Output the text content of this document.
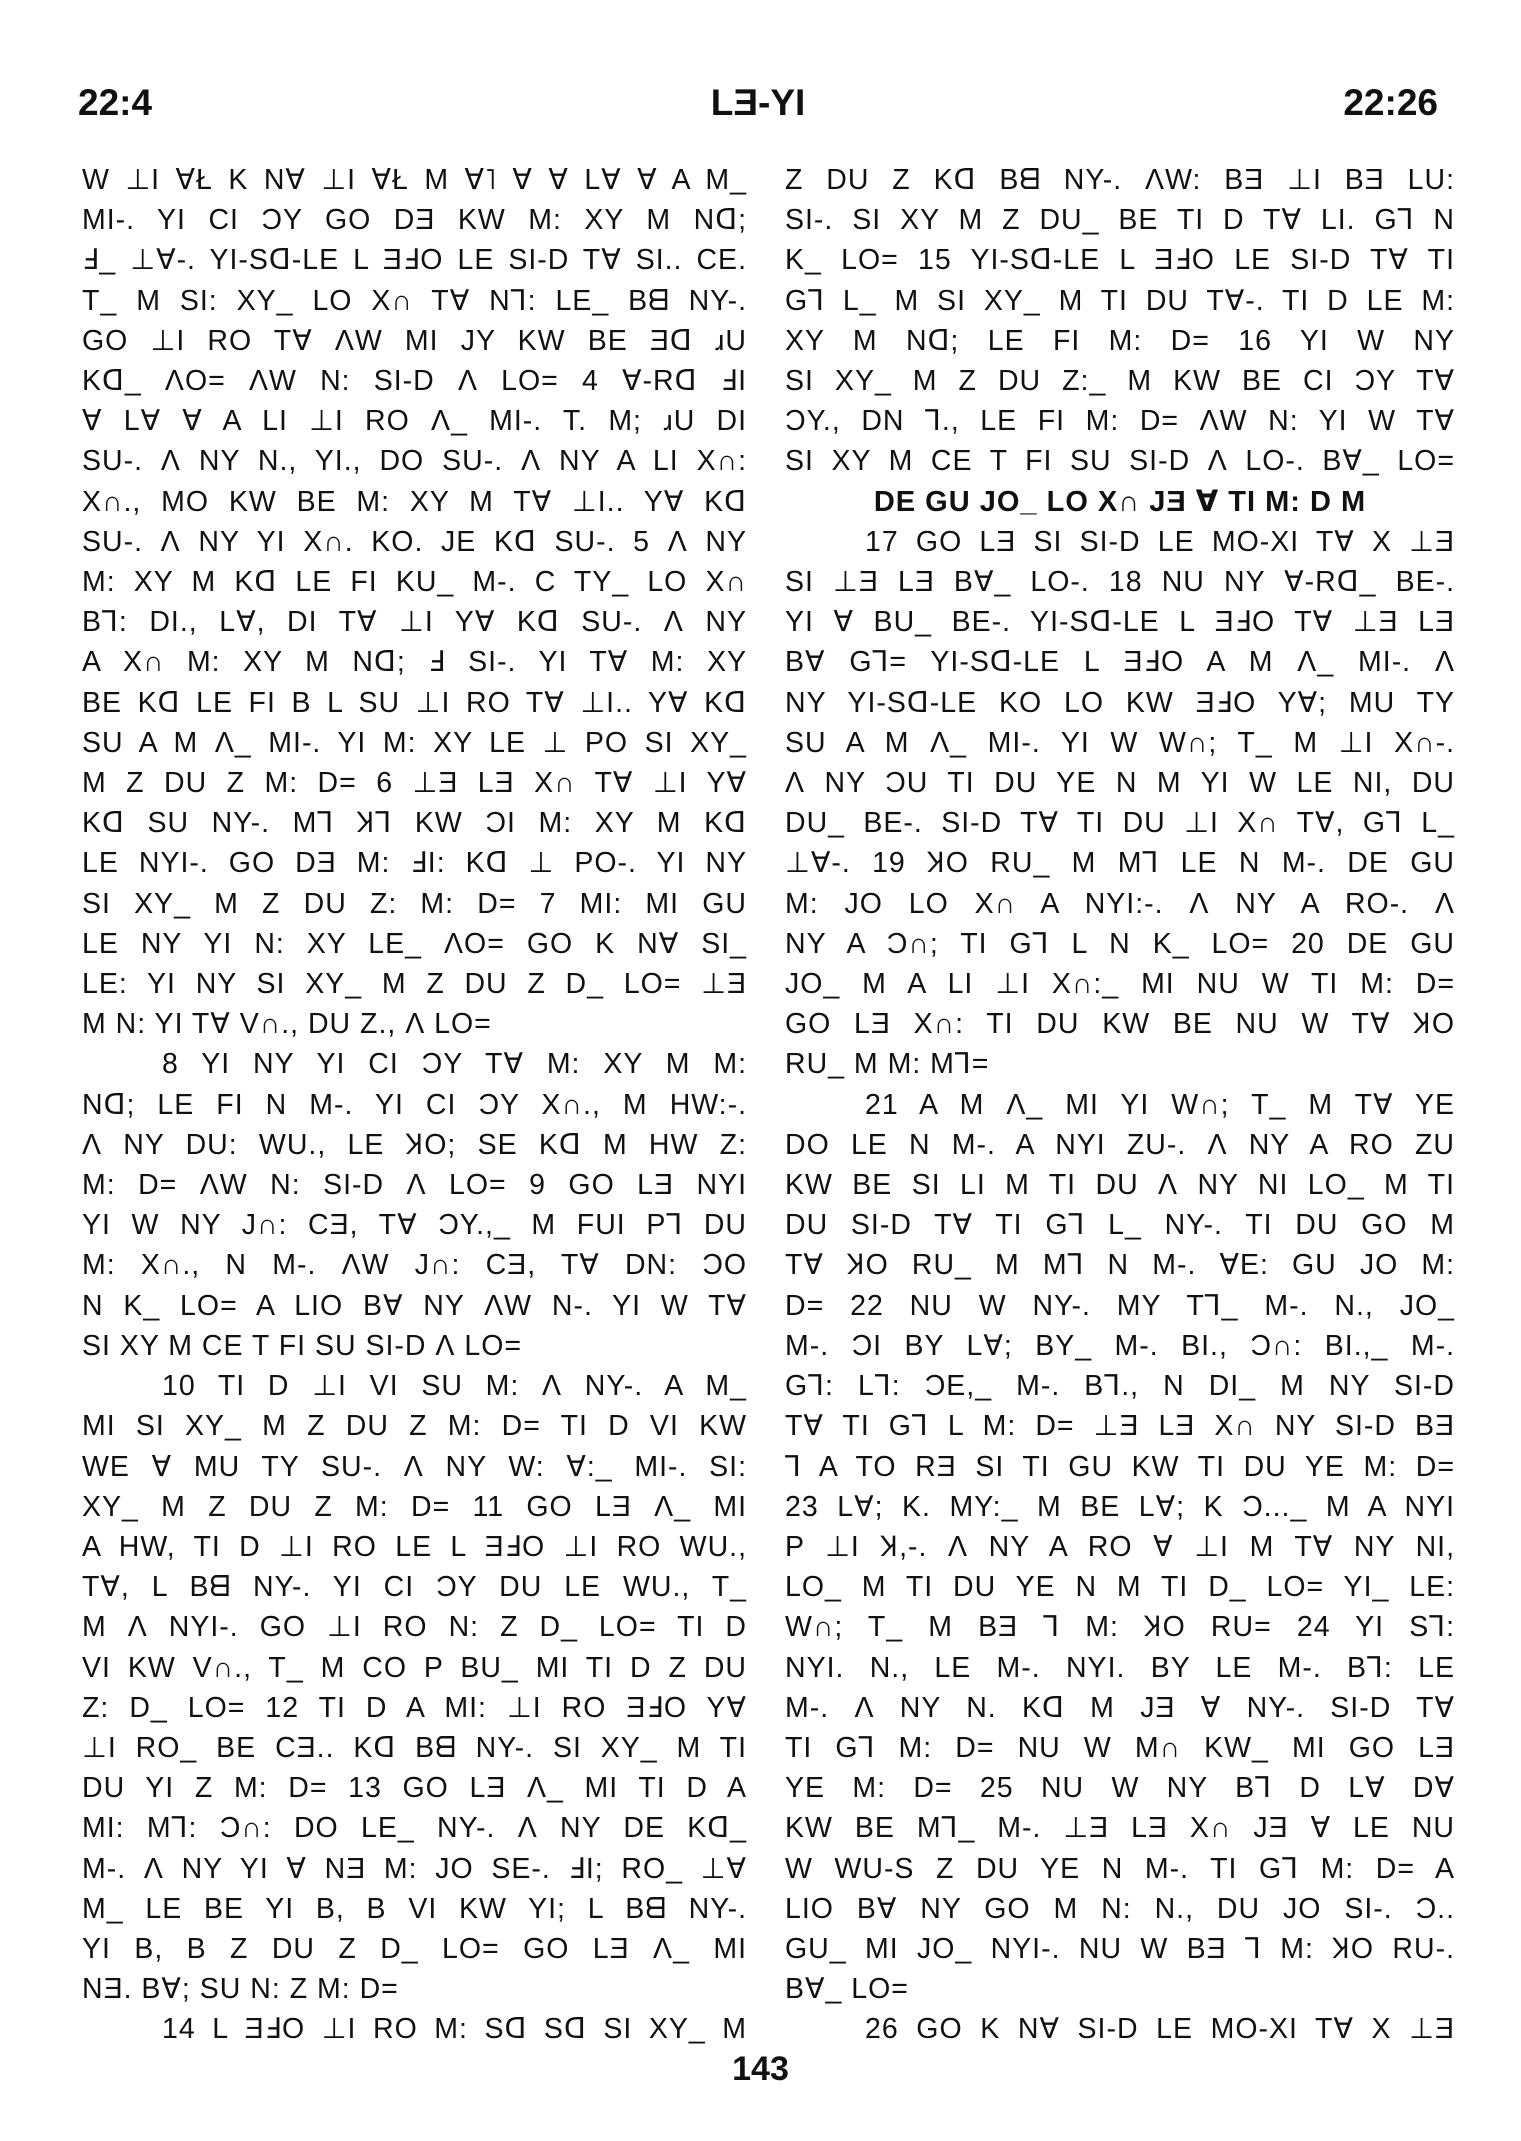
22:4	LƎ-YI	22:26
W ⊥I ⱯŁ K N∀ ⊥I ⱯŁ M Ɐ˥ Ɐ Ɐ L∀ Ɐ A M_
MI-. YI CI ƆY GO DƎ KW M: XY M Nᗡ;
Ⅎ_ ⊥∀-. YI-Sᗡ-LE L ƎℲO LE SI-D T∀ SI.. CE.
T_ M SI: XY_ LO X∩ T∀ N⅂: LE_ Bᗺ NY-.
GO ⊥I RO T∀ ɅW MI JY KW BE Ǝᗡ ɹU
Kᗡ_ ɅO= ɅW N: SI-D Ʌ LO= 4 ∀-Rᗡ ℲI
Ɐ L∀ Ɐ A LI ⊥I RO Ʌ_ MI-. T. M; ɹU DI
SU-. Ʌ NY N., YI., DO SU-. Ʌ NY A LI X∩:
X∩., MO KW BE M: XY M T∀ ⊥I.. Y∀ Kᗡ
SU-. Ʌ NY YI X∩. KO. JE Kᗡ SU-. 5 Ʌ NY
M: XY M Kᗡ LE FI KU_ M-. C TY_ LO X∩
B⅂: DI., L∀, DI T∀ ⊥I Y∀ Kᗡ SU-. Ʌ NY
A X∩ M: XY M Nᗡ; Ⅎ SI-. YI T∀ M: XY
BE Kᗡ LE FI B L SU ⊥I RO T∀ ⊥I.. Y∀ Kᗡ
SU A M Ʌ_ MI-. YI M: XY LE ⊥ PO SI XY_
M Z DU Z M: D= 6 ⊥Ǝ LƎ X∩ T∀ ⊥I Y∀
Kᗡ SU NY-. M⅂ Ʞ⅂ KW ƆI M: XY M Kᗡ
LE NYI-. GO DƎ M: ℲI: Kᗡ ⊥ PO-. YI NY
SI XY_ M Z DU Z: M: D= 7 MI: MI GU
LE NY YI N: XY LE_ ɅO= GO K N∀ SI_
LE: YI NY SI XY_ M Z DU Z D_ LO= ⊥Ǝ
M N: YI T∀ V∩., DU Z., Ʌ LO=
8 YI NY YI CI ƆY T∀ M: XY M M:
Nᗡ; LE FI N M-. YI CI ƆY X∩., M HW:-.
Ʌ NY DU: WU., LE ꞰO; SE Kᗡ M HW Z:
M: D= ɅW N: SI-D Ʌ LO= 9 GO LƎ NYI
YI W NY J∩: CƎ, T∀ ƆY.,_ M FUI P⅂ DU
M: X∩., N M-. ɅW J∩: CƎ, T∀ DN: ƆO
N K_ LO= A LIO B∀ NY ɅW N-. YI W T∀
SI XY M CE T FI SU SI-D Ʌ LO=
10 TI D ⊥I VI SU M: Ʌ NY-. A M_
MI SI XY_ M Z DU Z M: D= TI D VI KW
WE Ɐ MU TY SU-. Ʌ NY W: Ɐ:_ MI-. SI:
XY_ M Z DU Z M: D= 11 GO LƎ Ʌ_ MI
A HW, TI D ⊥I RO LE L ƎℲO ⊥I RO WU.,
T∀, L Bᗺ NY-. YI CI ƆY DU LE WU., T_
M Ʌ NYI-. GO ⊥I RO N: Z D_ LO= TI D
VI KW V∩., T_ M CO P BU_ MI TI D Z DU
Z: D_ LO= 12 TI D A MI: ⊥I RO ƎℲO Y∀
⊥I RO_ BE CƎ.. Kᗡ Bᗺ NY-. SI XY_ M TI
DU YI Z M: D= 13 GO LƎ Ʌ_ MI TI D A
MI: M⅂: Ɔ∩: DO LE_ NY-. Ʌ NY DE Kᗡ_
M-. Ʌ NY YI Ɐ NƎ M: JO SE-. ℲI; RO_ ⊥∀
M_ LE BE YI B, B VI KW YI; L Bᗺ NY-.
YI B, B Z DU Z D_ LO= GO LƎ Ʌ_ MI
NƎ. B∀; SU N: Z M: D=
14 L ƎℲO ⊥I RO M: Sᗡ Sᗡ SI XY_ M
Z DU Z Kᗡ Bᗺ NY-. ɅW: BƎ ⊥I BƎ LU:
SI-. SI XY M Z DU_ BE TI D T∀ LI. G⅂ N
K_ LO= 15 YI-Sᗡ-LE L ƎℲO LE SI-D T∀ TI
G⅂ L_ M SI XY_ M TI DU T∀-. TI D LE M:
XY M Nᗡ; LE FI M: D= 16 YI W NY
SI XY_ M Z DU Z:_ M KW BE CI ƆY T∀
ƆY., DN ⅂., LE FI M: D= ɅW N: YI W T∀
SI XY M CE T FI SU SI-D Ʌ LO-. B∀_ LO=
DE GU JO_ LO X∩ JƎ Ɐ TI M: D M
17 GO LƎ SI SI-D LE MO-XI T∀ X ⊥Ǝ
SI ⊥Ǝ LƎ B∀_ LO-. 18 NU NY ∀-Rᗡ_ BE-.
YI Ɐ BU_ BE-. YI-Sᗡ-LE L ƎℲO T∀ ⊥Ǝ LƎ
B∀ G⅂= YI-Sᗡ-LE L ƎℲO A M Ʌ_ MI-. Ʌ
NY YI-Sᗡ-LE KO LO KW ƎℲO Y∀; MU TY
SU A M Ʌ_ MI-. YI W W∩; T_ M ⊥I X∩-.
Ʌ NY ƆU TI DU YE N M YI W LE NI, DU
DU_ BE-. SI-D T∀ TI DU ⊥I X∩ T∀, G⅂ L_
⊥∀-. 19 ꞰO RU_ M M⅂ LE N M-. DE GU
M: JO LO X∩ A NYI:-. Ʌ NY A RO-. Ʌ
NY A Ɔ∩; TI G⅂ L N K_ LO= 20 DE GU
JO_ M A LI ⊥I X∩:_ MI NU W TI M: D=
GO LƎ X∩: TI DU KW BE NU W T∀ ꞰO
RU_ M M: M⅂=
21 A M Ʌ_ MI YI W∩; T_ M T∀ YE
DO LE N M-. A NYI ZU-. Ʌ NY A RO ZU
KW BE SI LI M TI DU Ʌ NY NI LO_ M TI
DU SI-D T∀ TI G⅂ L_ NY-. TI DU GO M
T∀ ꞰO RU_ M M⅂ N M-. ⱯE: GU JO M:
D= 22 NU W NY-. MY T⅂_ M-. N., JO_
M-. ƆI BY L∀; BY_ M-. BI., Ɔ∩: BI.,_ M-.
G⅂: L⅂: ƆE,_ M-. B⅂., N DI_ M NY SI-D
T∀ TI G⅂ L M: D= ⊥Ǝ LƎ X∩ NY SI-D BƎ
⅂ A TO RƎ SI TI GU KW TI DU YE M: D=
23 L∀; K. MY:_ M BE L∀; K Ɔ..._ M A NYI
P ⊥I Ʞ,-. Ʌ NY A RO Ɐ ⊥I M T∀ NY NI,
LO_ M TI DU YE N M TI D_ LO= YI_ LE:
W∩; T_ M BƎ ⅂ M: ꞰO RU= 24 YI S⅂:
NYI. N., LE M-. NYI. BY LE M-. B⅂: LE
M-. Ʌ NY N. Kᗡ M JƎ Ɐ NY-. SI-D T∀
TI G⅂ M: D= NU W M∩ KW_ MI GO LƎ
YE M: D= 25 NU W NY B⅂ D L∀ D∀
KW BE M⅂_ M-. ⊥Ǝ LƎ X∩ JƎ Ɐ LE NU
W WU-S Z DU YE N M-. TI G⅂ M: D= A
LIO B∀ NY GO M N: N., DU JO SI-. Ɔ..
GU_ MI JO_ NYI-. NU W BƎ ⅂ M: ꞰO RU-.
B∀_ LO=
26 GO K N∀ SI-D LE MO-XI T∀ X ⊥Ǝ
143
